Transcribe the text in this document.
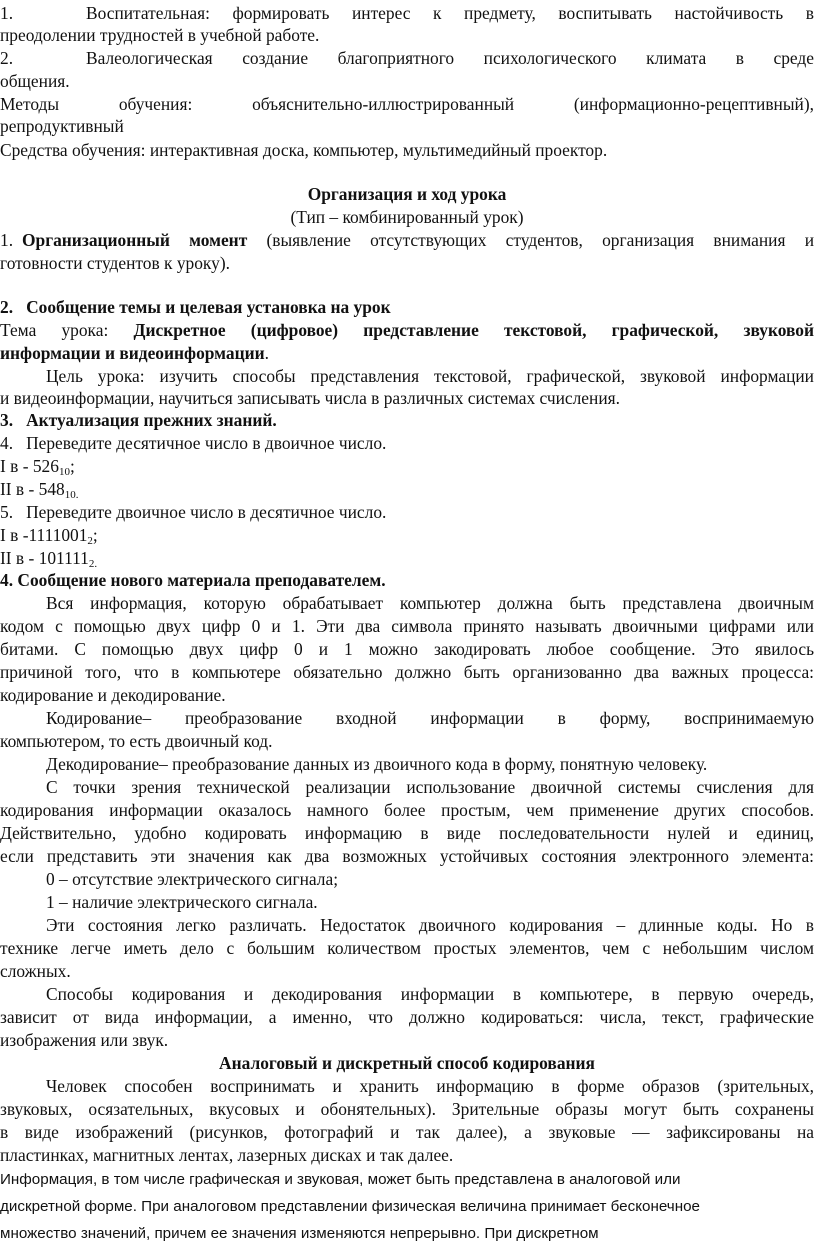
1.	Воспитательная: формировать интерес к предмету, воспитывать настойчивость в
преодолении трудностей в учебной работе.
2.	Валеологическая создание благоприятного психологического климата в среде
общения.
Методы обучения: объяснительно-иллюстрированный (информационно-рецептивный),
репродуктивный
Средства обучения: интерактивная доска, компьютер, мультимедийный проектор.
Организация и ход урока
(Тип – комбинированный урок)
1. Организационный момент (выявление отсутствующих студентов, организация внимания и
готовности студентов к уроку).
2.   Сообщение темы и целевая установка на урок
Тема урока: Дискретное (цифровое) представление текстовой, графической, звуковой
информации и видеоинформации.
Цель урока: изучить способы представления текстовой, графической, звуковой информации
и видеоинформации, научиться записывать числа в различных системах счисления.
3.   Актуализация прежних знаний.
4.   Переведите десятичное число в двоичное число.
I в - $526_{10}$;
II в - $548_{10.}$
5.   Переведите двоичное число в десятичное число.
I в $-1111001_2$;
II в - $101111_{2.}$
4. Сообщение нового материала преподавателем.
Вся информация, которую обрабатывает компьютер должна быть представлена двоичным
кодом с помощью двух цифр 0 и 1. Эти два символа принято называть двоичными цифрами или
битами. С помощью двух цифр 0 и 1 можно закодировать любое сообщение. Это явилось
причиной того, что в компьютере обязательно должно быть организованно два важных процесса:
кодирование и декодирование.
Кодирование– преобразование входной информации в форму, воспринимаемую
компьютером, то есть двоичный код.
Декодирование– преобразование данных из двоичного кода в форму, понятную человеку.
С точки зрения технической реализации использование двоичной системы счисления для
кодирования информации оказалось намного более простым, чем применение других способов.
Действительно, удобно кодировать информацию в виде последовательности нулей и единиц,
если представить эти значения как два возможных устойчивых состояния электронного элемента:
0 – отсутствие электрического сигнала;
1 – наличие электрического сигнала.
Эти состояния легко различать. Недостаток двоичного кодирования – длинные коды. Но в
технике легче иметь дело с большим количеством простых элементов, чем с небольшим числом
сложных.
Способы кодирования и декодирования информации в компьютере, в первую очередь,
зависит от вида информации, а именно, что должно кодироваться: числа, текст, графические
изображения или звук.
Аналоговый и дискретный способ кодирования
Человек способен воспринимать и хранить информацию в форме образов (зрительных,
звуковых, осязательных, вкусовых и обонятельных). Зрительные образы могут быть сохранены
в виде изображений (рисунков, фотографий и так далее), а звуковые — зафиксированы на
пластинках, магнитных лентах, лазерных дисках и так далее.
Информация, в том числе графическая и звуковая, может быть представлена в аналоговой или
дискретной форме. При аналоговом представлении физическая величина принимает бесконечное
множество значений, причем ее значения изменяются непрерывно. При дискретном
